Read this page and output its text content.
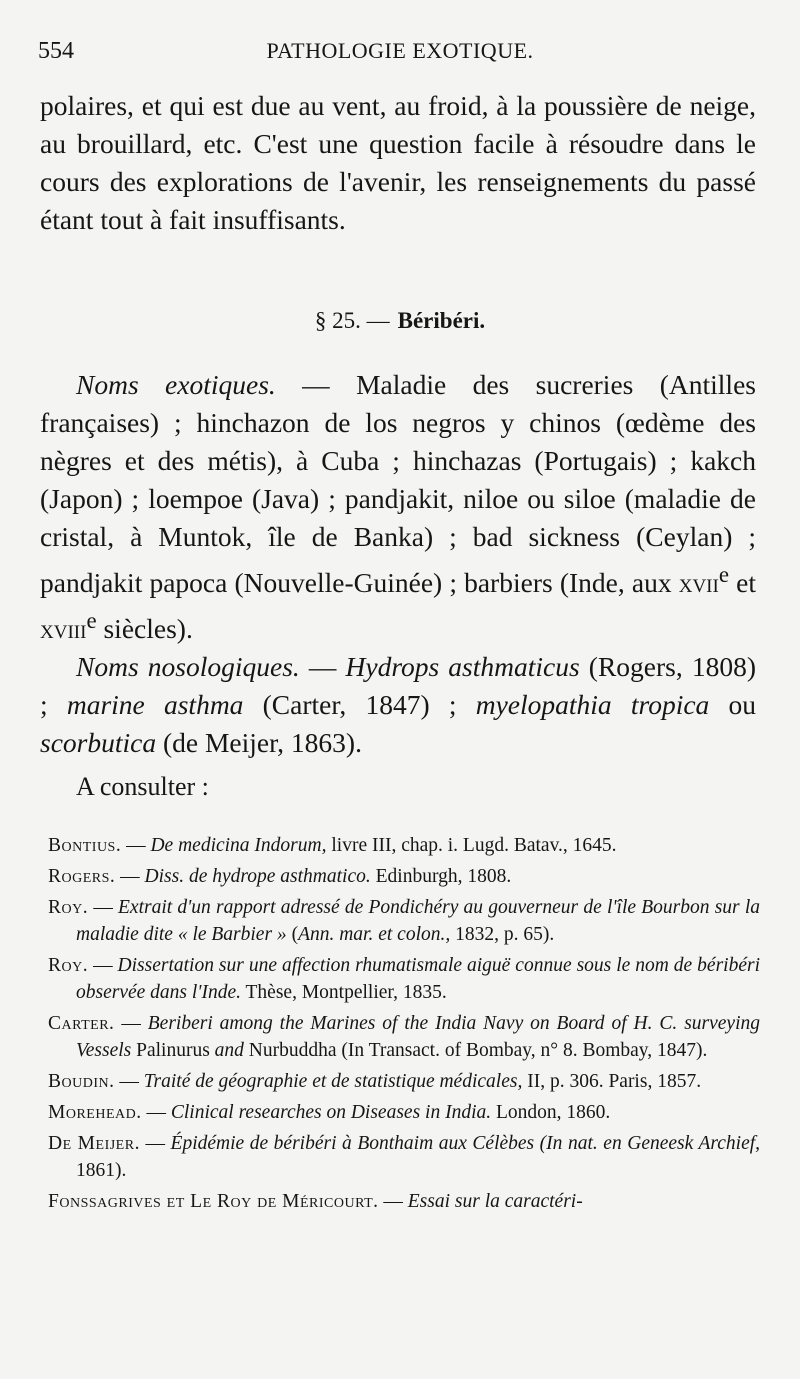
554	PATHOLOGIE EXOTIQUE.

polaires, et qui est due au vent, au froid, à la poussière de neige, au brouillard, etc. C'est une question facile à résoudre dans le cours des explorations de l'avenir, les renseignements du passé étant tout à fait insuffisants.

§ 25. — Béribéri.

Noms exotiques. — Maladie des sucreries (Antilles françaises) ; hinchazon de los negros y chinos (œdème des nègres et des métis), à Cuba ; hinchazas (Portugais) ; kakch (Japon) ; loempoe (Java) ; pandjakit, niloe ou siloe (maladie de cristal, à Muntok, île de Banka) ; bad sickness (Ceylan) ; pandjakit papoca (Nouvelle-Guinée) ; barbiers (Inde, aux xvii$^e$ et xviii$^e$ siècles).

Noms nosologiques. — Hydrops asthmaticus (Rogers, 1808) ; marine asthma (Carter, 1847) ; myelopathia tropica ou scorbutica (de Meijer, 1863).

A consulter :

Bontius. — De medicina Indorum, livre III, chap. i. Lugd. Batav., 1645.

Rogers. — Diss. de hydrope asthmatico. Edinburgh, 1808.

Roy. — Extrait d'un rapport adressé de Pondichéry au gouverneur de l'île Bourbon sur la maladie dite « le Barbier » (Ann. mar. et colon., 1832, p. 65).

Roy. — Dissertation sur une affection rhumatismale aiguë connue sous le nom de béribéri observée dans l'Inde. Thèse, Montpellier, 1835.

Carter. — Beriberi among the Marines of the India Navy on Board of H. C. surveying Vessels Palinurus and Nurbuddha (In Transact. of Bombay, n° 8. Bombay, 1847).

Boudin. — Traité de géographie et de statistique médicales, II, p. 306. Paris, 1857.

Morehead. — Clinical researches on Diseases in India. London, 1860.

De Meijer. — Épidémie de béribéri à Bonthaim aux Célèbes (In nat. en Geneesk Archief, 1861).

Fonssagrives et Le Roy de Méricourt. — Essai sur la caractéri-
